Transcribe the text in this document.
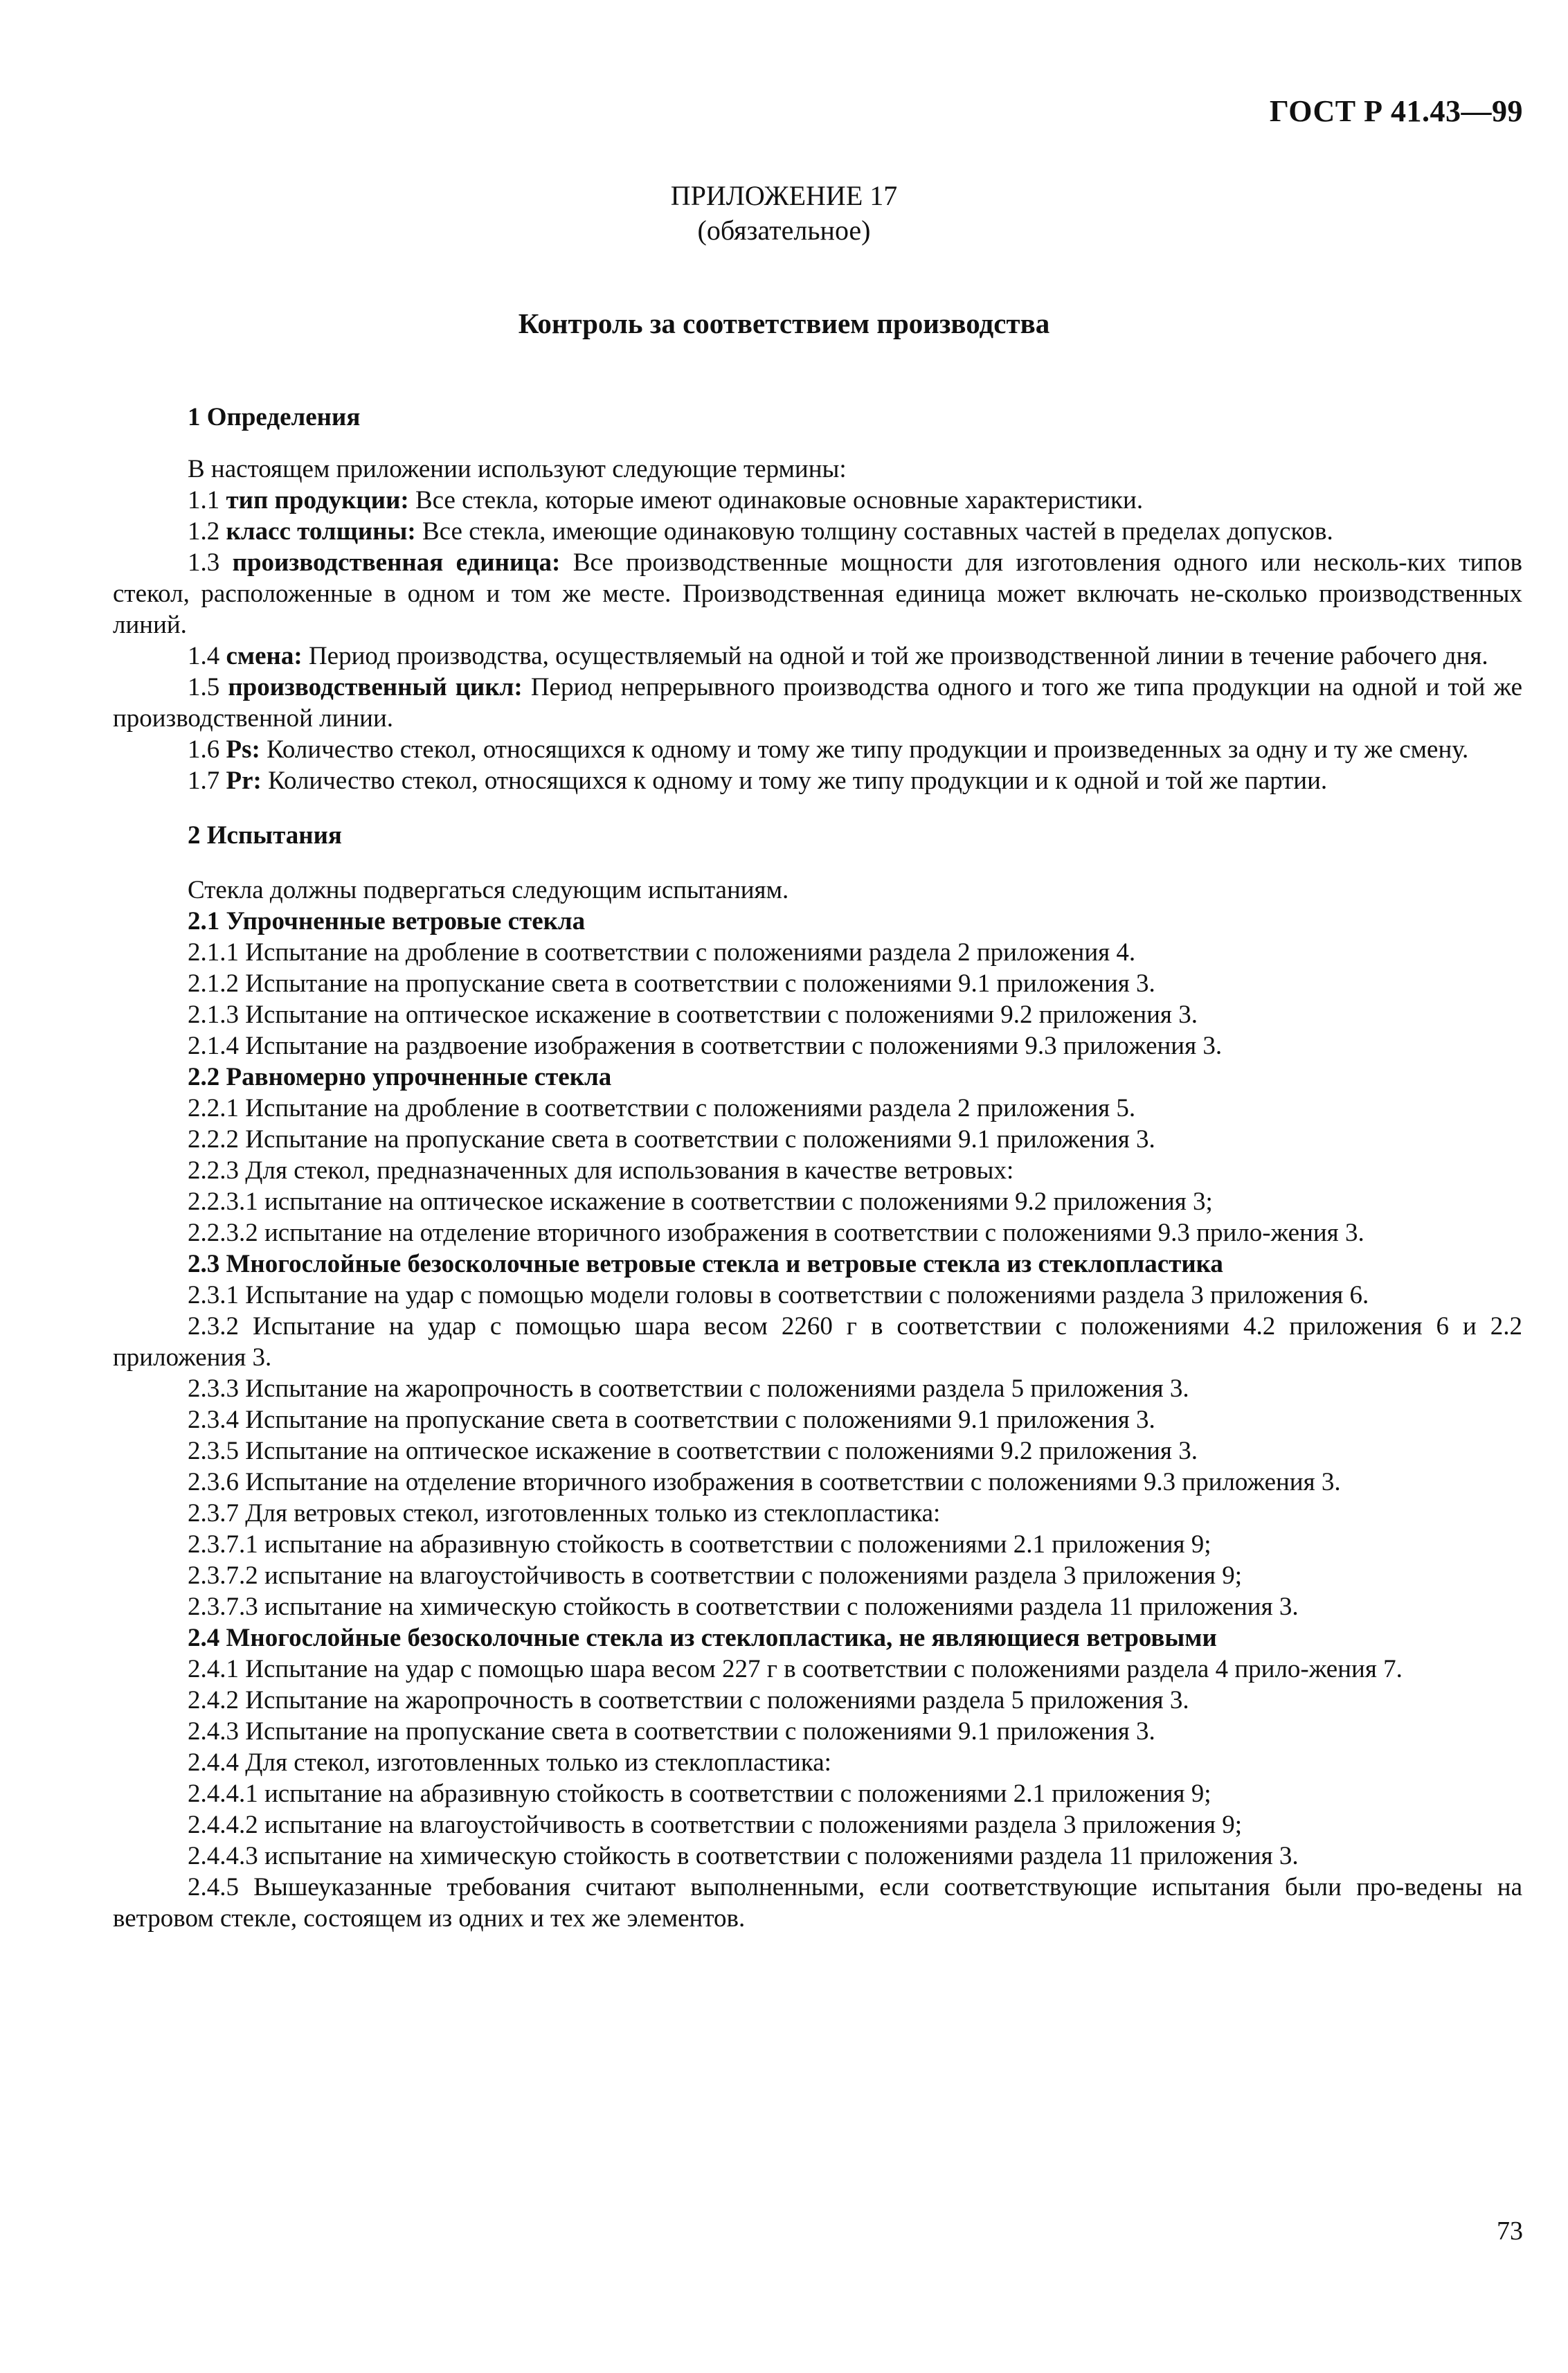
ГОСТ Р 41.43—99
ПРИЛОЖЕНИЕ 17
(обязательное)
Контроль за соответствием производства
1 Определения

В настоящем приложении используют следующие термины:

1.1 тип продукции: Все стекла, которые имеют одинаковые основные характеристики.

1.2 класс толщины: Все стекла, имеющие одинаковую толщину составных частей в пределах допусков.

1.3 производственная единица: Все производственные мощности для изготовления одного или несколь-ких типов стекол, расположенные в одном и том же месте. Производственная единица может включать не-сколько производственных линий.

1.4 смена: Период производства, осуществляемый на одной и той же производственной линии в течение рабочего дня.

1.5 производственный цикл: Период непрерывного производства одного и того же типа продукции на одной и той же производственной линии.

1.6 Ps: Количество стекол, относящихся к одному и тому же типу продукции и произведенных за одну и ту же смену.

1.7 Pr: Количество стекол, относящихся к одному и тому же типу продукции и к одной и той же партии.

2 Испытания

Стекла должны подвергаться следующим испытаниям.

2.1 Упрочненные ветровые стекла

2.1.1 Испытание на дробление в соответствии с положениями раздела 2 приложения 4.

2.1.2 Испытание на пропускание света в соответствии с положениями 9.1 приложения 3.

2.1.3 Испытание на оптическое искажение в соответствии с положениями 9.2 приложения 3.

2.1.4 Испытание на раздвоение изображения в соответствии с положениями 9.3 приложения 3.

2.2 Равномерно упрочненные стекла

2.2.1 Испытание на дробление в соответствии с положениями раздела 2 приложения 5.

2.2.2 Испытание на пропускание света в соответствии с положениями 9.1 приложения 3.

2.2.3 Для стекол, предназначенных для использования в качестве ветровых:

2.2.3.1 испытание на оптическое искажение в соответствии с положениями 9.2 приложения 3;

2.2.3.2 испытание на отделение вторичного изображения в соответствии с положениями 9.3 прило-жения 3.

2.3 Многослойные безосколочные ветровые стекла и ветровые стекла из стеклопластика

2.3.1 Испытание на удар с помощью модели головы в соответствии с положениями раздела 3 приложения 6.

2.3.2 Испытание на удар с помощью шара весом 2260 г в соответствии с положениями 4.2 приложения 6 и 2.2 приложения 3.

2.3.3 Испытание на жаропрочность в соответствии с положениями раздела 5 приложения 3.

2.3.4 Испытание на пропускание света в соответствии с положениями 9.1 приложения 3.

2.3.5 Испытание на оптическое искажение в соответствии с положениями 9.2 приложения 3.

2.3.6 Испытание на отделение вторичного изображения в соответствии с положениями 9.3 приложения 3.

2.3.7 Для ветровых стекол, изготовленных только из стеклопластика:

2.3.7.1 испытание на абразивную стойкость в соответствии с положениями 2.1 приложения 9;

2.3.7.2 испытание на влагоустойчивость в соответствии с положениями раздела 3 приложения 9;

2.3.7.3 испытание на химическую стойкость в соответствии с положениями раздела 11 приложения 3.

2.4 Многослойные безосколочные стекла из стеклопластика, не являющиеся ветровыми

2.4.1 Испытание на удар с помощью шара весом 227 г в соответствии с положениями раздела 4 прило-жения 7.

2.4.2 Испытание на жаропрочность в соответствии с положениями раздела 5 приложения 3.

2.4.3 Испытание на пропускание света в соответствии с положениями 9.1 приложения 3.

2.4.4 Для стекол, изготовленных только из стеклопластика:

2.4.4.1 испытание на абразивную стойкость в соответствии с положениями 2.1 приложения 9;

2.4.4.2 испытание на влагоустойчивость в соответствии с положениями раздела 3 приложения 9;

2.4.4.3 испытание на химическую стойкость в соответствии с положениями раздела 11 приложения 3.

2.4.5 Вышеуказанные требования считают выполненными, если соответствующие испытания были про-ведены на ветровом стекле, состоящем из одних и тех же элементов.

73
